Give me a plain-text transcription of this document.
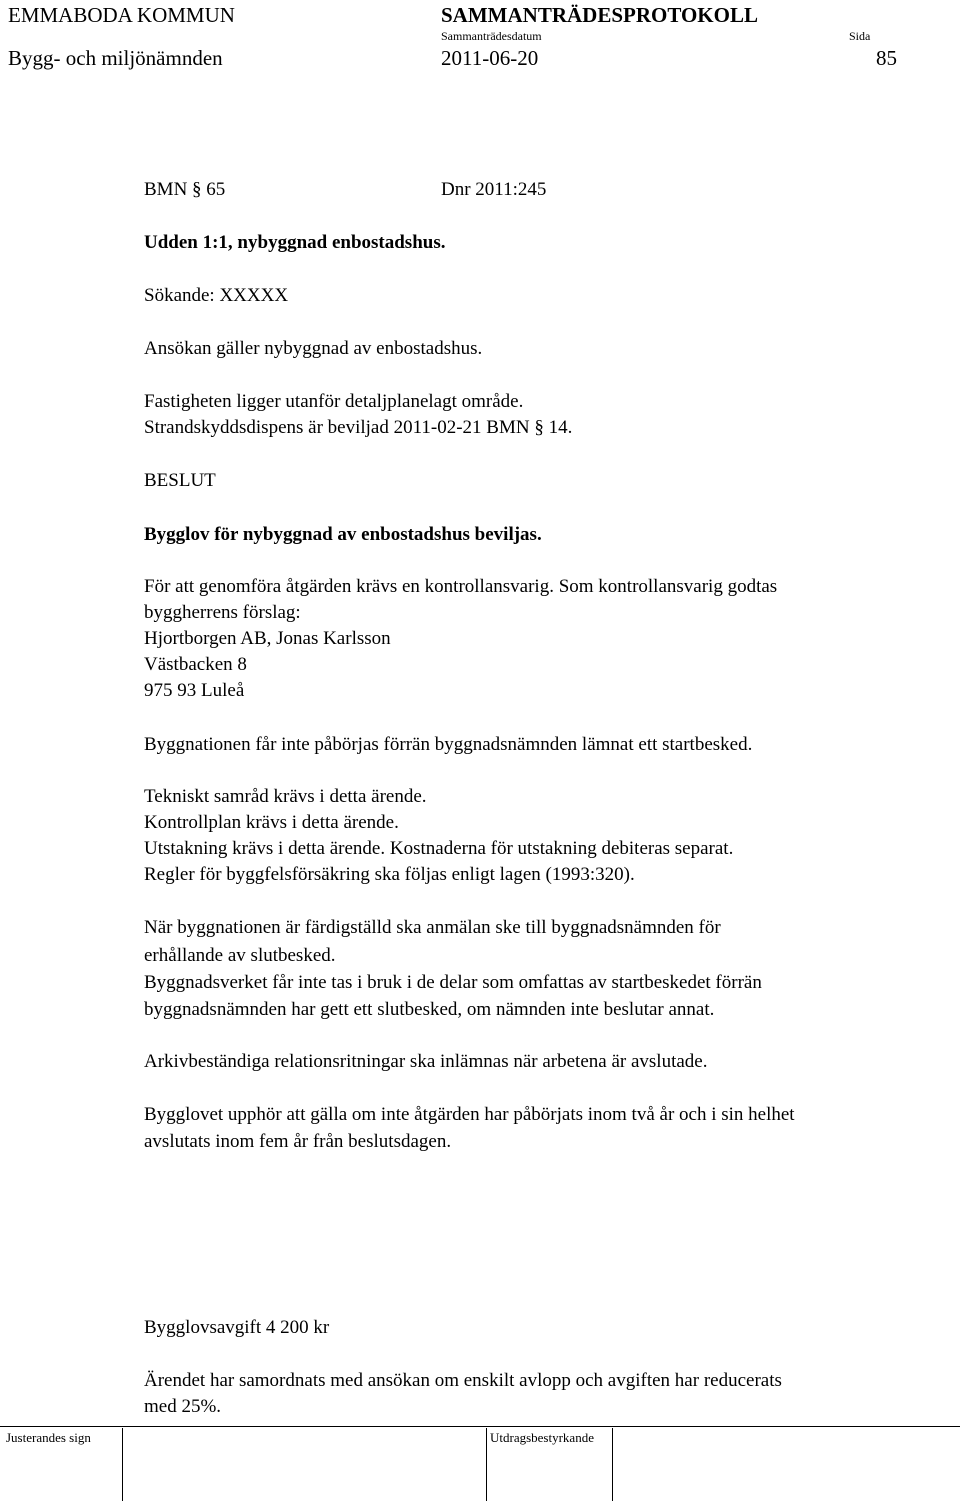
EMMABODA KOMMUN	SAMMANTRÄDESPROTOKOLL
Sammanträdesdatum	Sida
Bygg- och miljönämnden	2011-06-20	85
BMN § 65	Dnr 2011:245
Udden 1:1, nybyggnad enbostadshus.
Sökande: XXXXX
Ansökan gäller nybyggnad av enbostadshus.
Fastigheten ligger utanför detaljplanelagt område.
Strandskyddsdispens är beviljad 2011-02-21 BMN § 14.
BESLUT
Bygglov för nybyggnad av enbostadshus beviljas.
För att genomföra åtgärden krävs en kontrollansvarig. Som kontrollansvarig godtas
byggherrens förslag:
Hjortborgen AB, Jonas Karlsson
Västbacken 8
975 93 Luleå
Byggnationen får inte påbörjas förrän byggnadsnämnden lämnat ett startbesked.
Tekniskt samråd krävs i detta ärende.
Kontrollplan krävs i detta ärende.
Utstakning krävs i detta ärende. Kostnaderna för utstakning debiteras separat.
Regler för byggfelsförsäkring ska följas enligt lagen (1993:320).
När byggnationen är färdigställd ska anmälan ske till byggnadsnämnden för
erhållande av slutbesked.
Byggnadsverket får inte tas i bruk i de delar som omfattas av startbeskedet förrän
byggnadsnämnden har gett ett slutbesked, om nämnden inte beslutar annat.
Arkivbeständiga relationsritningar ska inlämnas när arbetena är avslutade.
Bygglovet upphör att gälla om inte åtgärden har påbörjats inom två år och i sin helhet
avslutats inom fem år från beslutsdagen.
Bygglovsavgift 4 200 kr
Ärendet har samordnats med ansökan om enskilt avlopp och avgiften har reducerats
med 25%.
Justerandes sign	Utdragsbestyrkande
